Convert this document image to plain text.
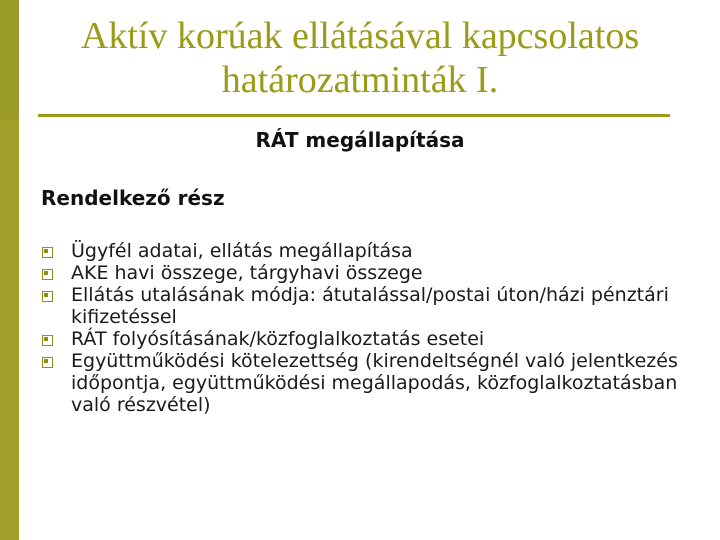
Aktív korúak ellátásával kapcsolatos
határozatminták I.
RÁT megállapítása
Rendelkező rész
Ügyfél adatai, ellátás megállapítása
AKE havi összege, tárgyhavi összege
Ellátás utalásának módja: átutalással/postai úton/házi pénztári kifizetéssel
RÁT folyósításának/közfoglalkoztatás esetei
Együttműködési kötelezettség (kirendeltségnél való jelentkezés időpontja, együttműködési megállapodás, közfoglalkoztatásban való részvétel)
